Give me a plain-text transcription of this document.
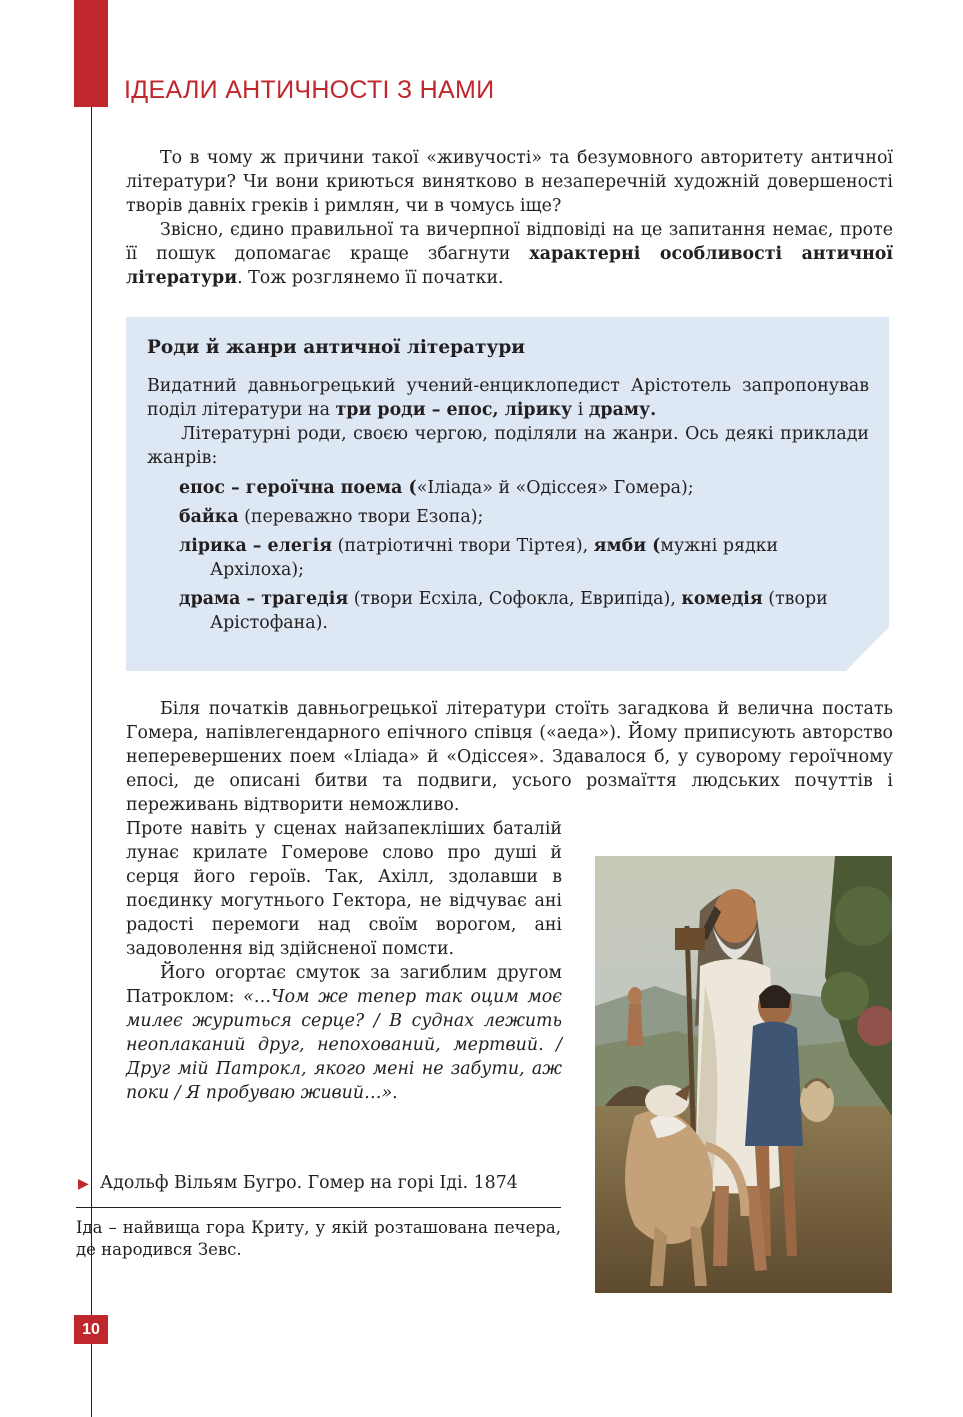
ІДЕАЛИ АНТИЧНОСТІ З НАМИ

То в чому ж причини такої «живучості» та безумовного авторитету античної літератури? Чи вони криються винятково в незаперечній художній довершеності творів давніх греків і римлян, чи в чомусь іще?

Звісно, єдино правильної та вичерпної відповіді на це запитання немає, проте її пошук допомагає краще збагнути характерні особливості античної літератури. Тож розглянемо її початки.

Роди й жанри античної літератури

Видатний давньогрецький учений-енциклопедист Арістотель запропонував поділ літератури на три роди – епос, лірику і драму.

Літературні роди, своєю чергою, поділяли на жанри. Ось деякі приклади жанрів:

епос – героїчна поема («Іліада» й «Одіссея» Гомера);
байка (переважно твори Езопа);
лірика – елегія (патріотичні твори Тіртея), ямби (мужні рядки Архілоха);
драма – трагедія (твори Есхіла, Софокла, Еврипіда), комедія (твори Арістофана).

Біля початків давньогрецької літератури стоїть загадкова й велична постать Гомера, напівлегендарного епічного співця («аеда»). Йому приписують авторство неперевершених поем «Іліада» й «Одіссея». Здавалося б, у суворому героїчному епосі, де описані битви та подвиги, усього розмаїття людських почуттів і переживань відтворити неможливо.

Проте навіть у сценах найзапекліших баталій лунає крилате Гомерове слово про душі й серця його героїв. Так, Ахілл, здолавши в поєдинку могутнього Гектора, не відчуває ані радості перемоги над своїм ворогом, ані задоволення від здійсненої помсти.

Його огортає смуток за загиблим другом Патроклом: «…Чом же тепер так оцим моє милеє журиться серце? / В суднах лежить неоплаканий друг, непохований, мертвий. / Друг мій Патрокл, якого мені не забути, аж поки / Я пробуваю живий…».

▶ Адольф Вільям Бугро. Гомер на горі Іді. 1874

Іда – найвища гора Криту, у якій розташована печера, де народився Зевс.

10
